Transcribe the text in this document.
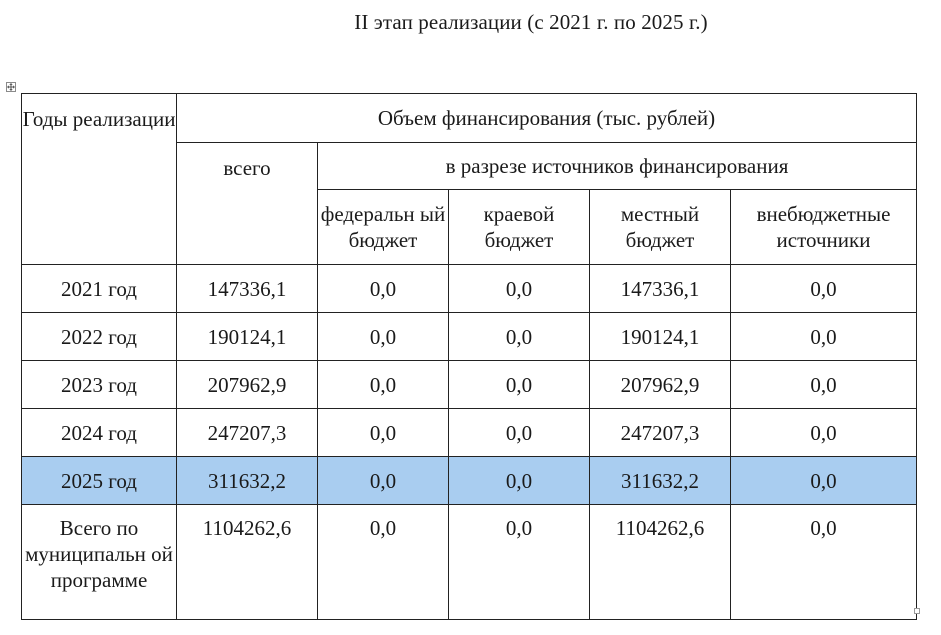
II этап реализации (с 2021 г. по 2025 г.)
Годы реализации	Объем финансирования (тыс. рублей)				
	всего	в разрезе источников финансирования			
		федеральн ый бюджет	краевой бюджет	местный бюджет	внебюджетные источники
2021 год	147336,1	0,0	0,0	147336,1	0,0
2022 год	190124,1	0,0	0,0	190124,1	0,0
2023 год	207962,9	0,0	0,0	207962,9	0,0
2024 год	247207,3	0,0	0,0	247207,3	0,0
2025 год	311632,2	0,0	0,0	311632,2	0,0
Всего по муниципальн ой программе	1104262,6	0,0	0,0	1104262,6	0,0
